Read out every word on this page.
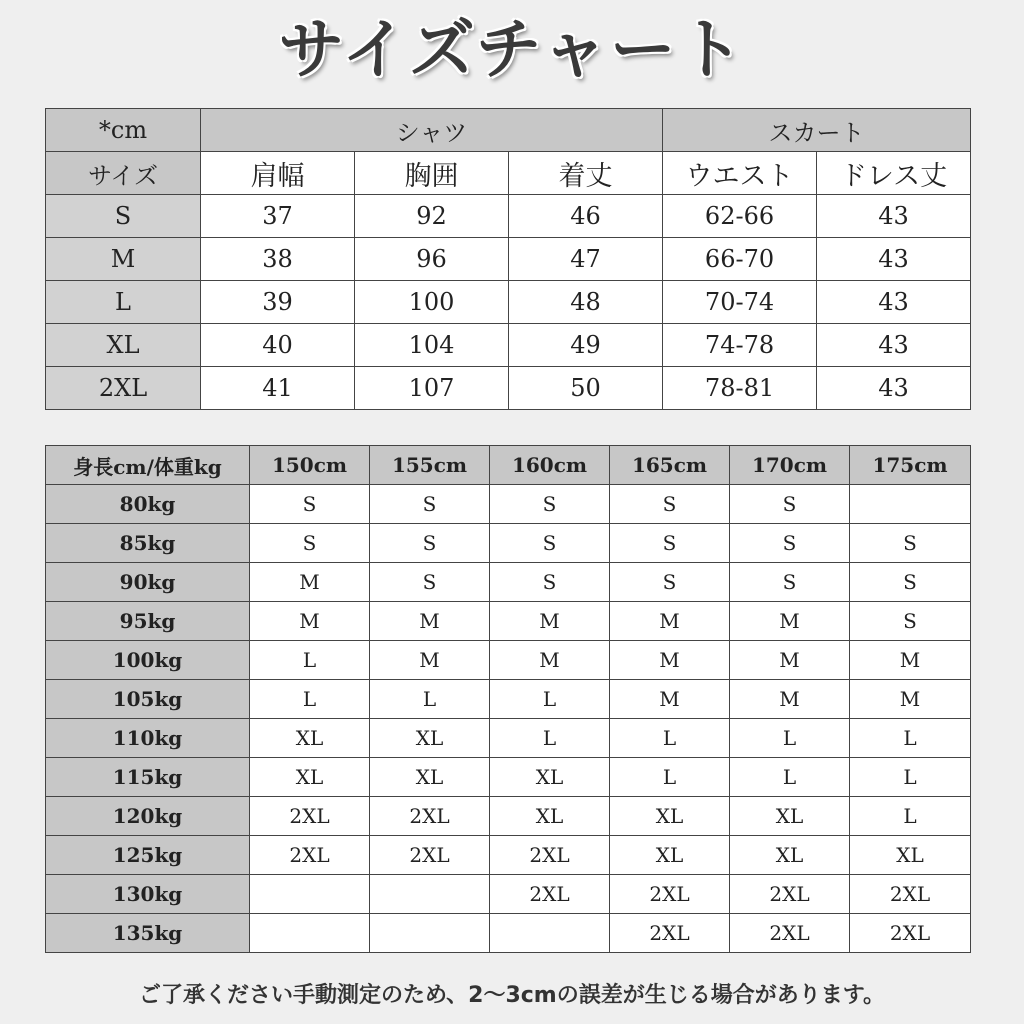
サイズチャート
*cm	シャツ			スカート	
サイズ	肩幅	胸囲	着丈	ウエスト	ドレス丈
S	37	92	46	62-66	43
M	38	96	47	66-70	43
L	39	100	48	70-74	43
XL	40	104	49	74-78	43
2XL	41	107	50	78-81	43
身長cm/体重kg	150cm	155cm	160cm	165cm	170cm	175cm
80kg	S	S	S	S	S	
85kg	S	S	S	S	S	S
90kg	M	S	S	S	S	S
95kg	M	M	M	M	M	S
100kg	L	M	M	M	M	M
105kg	L	L	L	M	M	M
110kg	XL	XL	L	L	L	L
115kg	XL	XL	XL	L	L	L
120kg	2XL	2XL	XL	XL	XL	L
125kg	2XL	2XL	2XL	XL	XL	XL
130kg			2XL	2XL	2XL	2XL
135kg				2XL	2XL	2XL
ご了承ください手動測定のため、2〜3cmの誤差が生じる場合があります。
